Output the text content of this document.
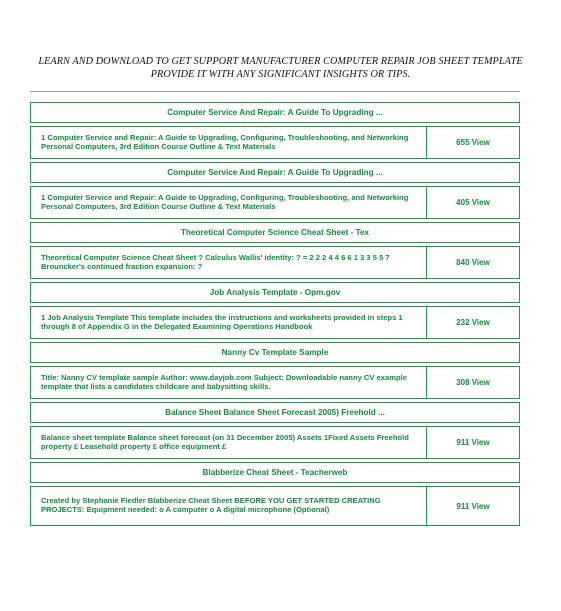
LEARN AND DOWNLOAD TO GET SUPPORT MANUFACTURER COMPUTER REPAIR JOB SHEET TEMPLATE PROVIDE IT WITH ANY SIGNIFICANT INSIGHTS OR TIPS.
Computer Service And Repair: A Guide To Upgrading ...
1 Computer Service and Repair: A Guide to Upgrading, Configuring, Troubleshooting, and Networking Personal Computers, 3rd Edition Course Outline & Text Materials	655 View
Computer Service And Repair: A Guide To Upgrading ...
1 Computer Service and Repair: A Guide to Upgrading, Configuring, Troubleshooting, and Networking Personal Computers, 3rd Edition Course Outline & Text Materials	405 View
Theoretical Computer Science Cheat Sheet - Tex
Theoretical Computer Science Cheat Sheet ? Calculus Wallis' identity: ? = 2 2 2 4 4 6 6 1 3 3 5 5 7 Brouncker's continued fraction expansion: ?	840 View
Job Analysis Template - Opm.gov
1 Job Analysis Template This template includes the instructions and worksheets provided in steps 1 through 8 of Appendix G in the Delegated Examining Operations Handbook	232 View
Nanny Cv Template Sample
Title: Nanny CV template sample Author: www.dayjob.com Subject: Downloadable nanny CV example template that lists a candidates childcare and babysitting skills.	308 View
Balance Sheet Balance Sheet Forecast 2005) Freehold ...
Balance sheet template Balance sheet forecast (on 31 December 2005) Assets 1Fixed Assets Freehold property £ Leasehold property £ office equipment £	911 View
Blabberize Cheat Sheet - Teacherweb
Created by Stephanie Fiedler Blabberize Cheat Sheet BEFORE YOU GET STARTED CREATING PROJECTS: Equipment needed: o A computer o A digital microphone (Optional)	911 View
